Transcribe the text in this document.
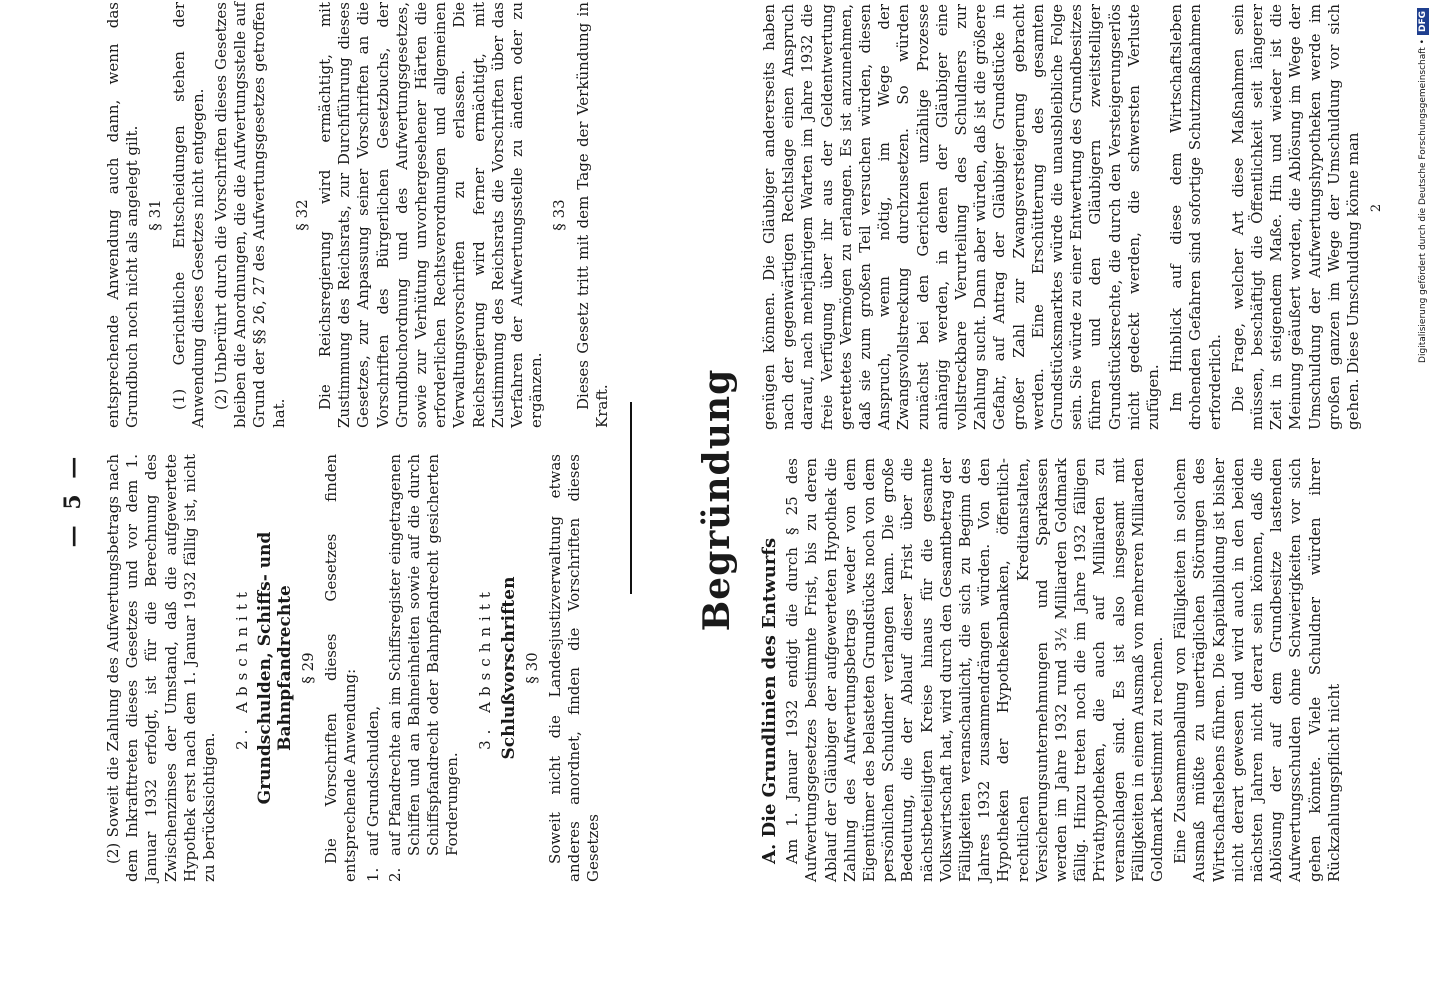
— 5 — (2) Soweit die Zahlung des Aufwertungsbetrags nach dem Inkrafttreten dieses Gesetzes und vor dem 1. Januar 1932 erfolgt, ist für die Berechnung des Zwischenzinses der Umstand, daß die aufgewertete Hypothek erst nach dem 1. Januar 1932 fällig ist, nicht zu berücksichtigen.

2. Abschnitt Grundschulden, Schiffs- und Bahnpfandrechte § 29 Die Vorschriften dieses Gesetzes finden entsprechende Anwendung: 1.
auf Grundschulden,
2.
auf Pfandrechte an im Schiffsregister eingetragenen Schiffen und an Bahneinheiten sowie auf die durch Schiffspfandrecht oder Bahnpfandrecht gesicherten Forderungen.

3. Abschnitt Schlußvorschriften § 30 Soweit nicht die Landesjustizverwaltung etwas anderes anordnet, finden die Vorschriften dieses Gesetzes

entsprechende Anwendung auch dann, wenn das Grundbuch noch nicht als angelegt gilt. § 31 (1) Gerichtliche Entscheidungen stehen der Anwendung dieses Gesetzes nicht entgegen. (2) Unberührt durch die Vorschriften dieses Gesetzes bleiben die Anordnungen, die die Aufwertungsstelle auf Grund der §§ 26, 27 des Aufwertungsgesetzes getroffen hat.

§ 32 Die Reichsregierung wird ermächtigt, mit Zustimmung des Reichsrats, zur Durchführung dieses Gesetzes, zur Anpassung seiner Vorschriften an die Vorschriften des Bürgerlichen Gesetzbuchs, der Grundbuchordnung und des Aufwertungsgesetzes, sowie zur Verhütung unvorhergesehener Härten die erforderlichen Rechtsverordnungen und allgemeinen Verwaltungsvorschriften zu erlassen. Die Reichsregierung wird ferner ermächtigt, mit Zustimmung des Reichsrats die Vorschriften über das Verfahren der Aufwertungsstelle zu ändern oder zu ergänzen.

§ 33 Dieses Gesetz tritt mit dem Tage der Verkündung in Kraft. Begründung

A. Die Grundlinien des Entwurfs Am 1. Januar 1932 endigt die durch § 25 des Aufwertungsgesetzes bestimmte Frist, bis zu deren Ablauf der Gläubiger der aufgewerteten Hypothek die Zahlung des Aufwertungsbetrags weder von dem Eigentümer des belasteten Grundstücks noch von dem persönlichen Schuldner verlangen kann. Die große Bedeutung, die der Ablauf dieser Frist über die nächstbeteiligten Kreise hinaus für die gesamte Volkswirtschaft hat, wird durch den Gesamtbetrag der Fälligkeiten veranschaulicht, die sich zu Beginn des Jahres 1932 zusammendrängen würden. Von den Hypotheken der Hypothekenbanken, öffentlich-rechtlichen Kreditanstalten, Versicherungsunternehmungen und Sparkassen werden im Jahre 1932 rund 3½ Milliarden Goldmark fällig. Hinzu treten noch die im Jahre 1932 fälligen Privathypotheken, die auch auf Milliarden zu veranschlagen sind. Es ist also insgesamt mit Fälligkeiten in einem Ausmaß von mehreren Milliarden Goldmark bestimmt zu rechnen. Eine Zusammenballung von Fälligkeiten in solchem Ausmaß müßte zu unerträglichen Störungen des Wirtschaftslebens führen. Die Kapitalbildung ist bisher nicht derart gewesen und wird auch in den beiden nächsten Jahren nicht derart sein können, daß die Ablösung der auf dem Grundbesitze lastenden Aufwertungsschulden ohne Schwierigkeiten vor sich gehen könnte. Viele Schuldner würden ihrer Rückzahlungspflicht nicht

genügen können. Die Gläubiger andererseits haben nach der gegenwärtigen Rechtslage einen Anspruch darauf, nach mehrjährigem Warten im Jahre 1932 die freie Verfügung über ihr aus der Geldentwertung gerettetes Vermögen zu erlangen. Es ist anzunehmen, daß sie zum großen Teil versuchen würden, diesen Anspruch, wenn nötig, im Wege der Zwangsvollstreckung durchzusetzen. So würden zunächst bei den Gerichten unzählige Prozesse anhängig werden, in denen der Gläubiger eine vollstreckbare Verurteilung des Schuldners zur Zahlung sucht. Dann aber würden, daß ist die größere Gefahr, auf Antrag der Gläubiger Grundstücke in großer Zahl zur Zwangsversteigerung gebracht werden. Eine Erschütterung des gesamten Grundstücksmarktes würde die unausbleibliche Folge sein. Sie würde zu einer Entwertung des Grundbesitzes führen und den Gläubigern zweitstelliger Grundstücksrechte, die durch den Versteigerungserlös nicht gedeckt werden, die schwersten Verluste zufügen. Im Hinblick auf diese dem Wirtschaftsleben drohenden Gefahren sind sofortige Schutzmaßnahmen erforderlich. Die Frage, welcher Art diese Maßnahmen sein müssen, beschäftigt die Öffentlichkeit seit längerer Zeit in steigendem Maße. Hin und wieder ist die Meinung geäußert worden, die Ablösung im Wege der Umschuldung der Aufwertungshypotheken werde im großen ganzen im Wege der Umschuldung vor sich gehen. Diese Umschuldung könne man 2	Digitalisierung gefördert durch die Deutsche Forschungsgemeinschaft •DFG
